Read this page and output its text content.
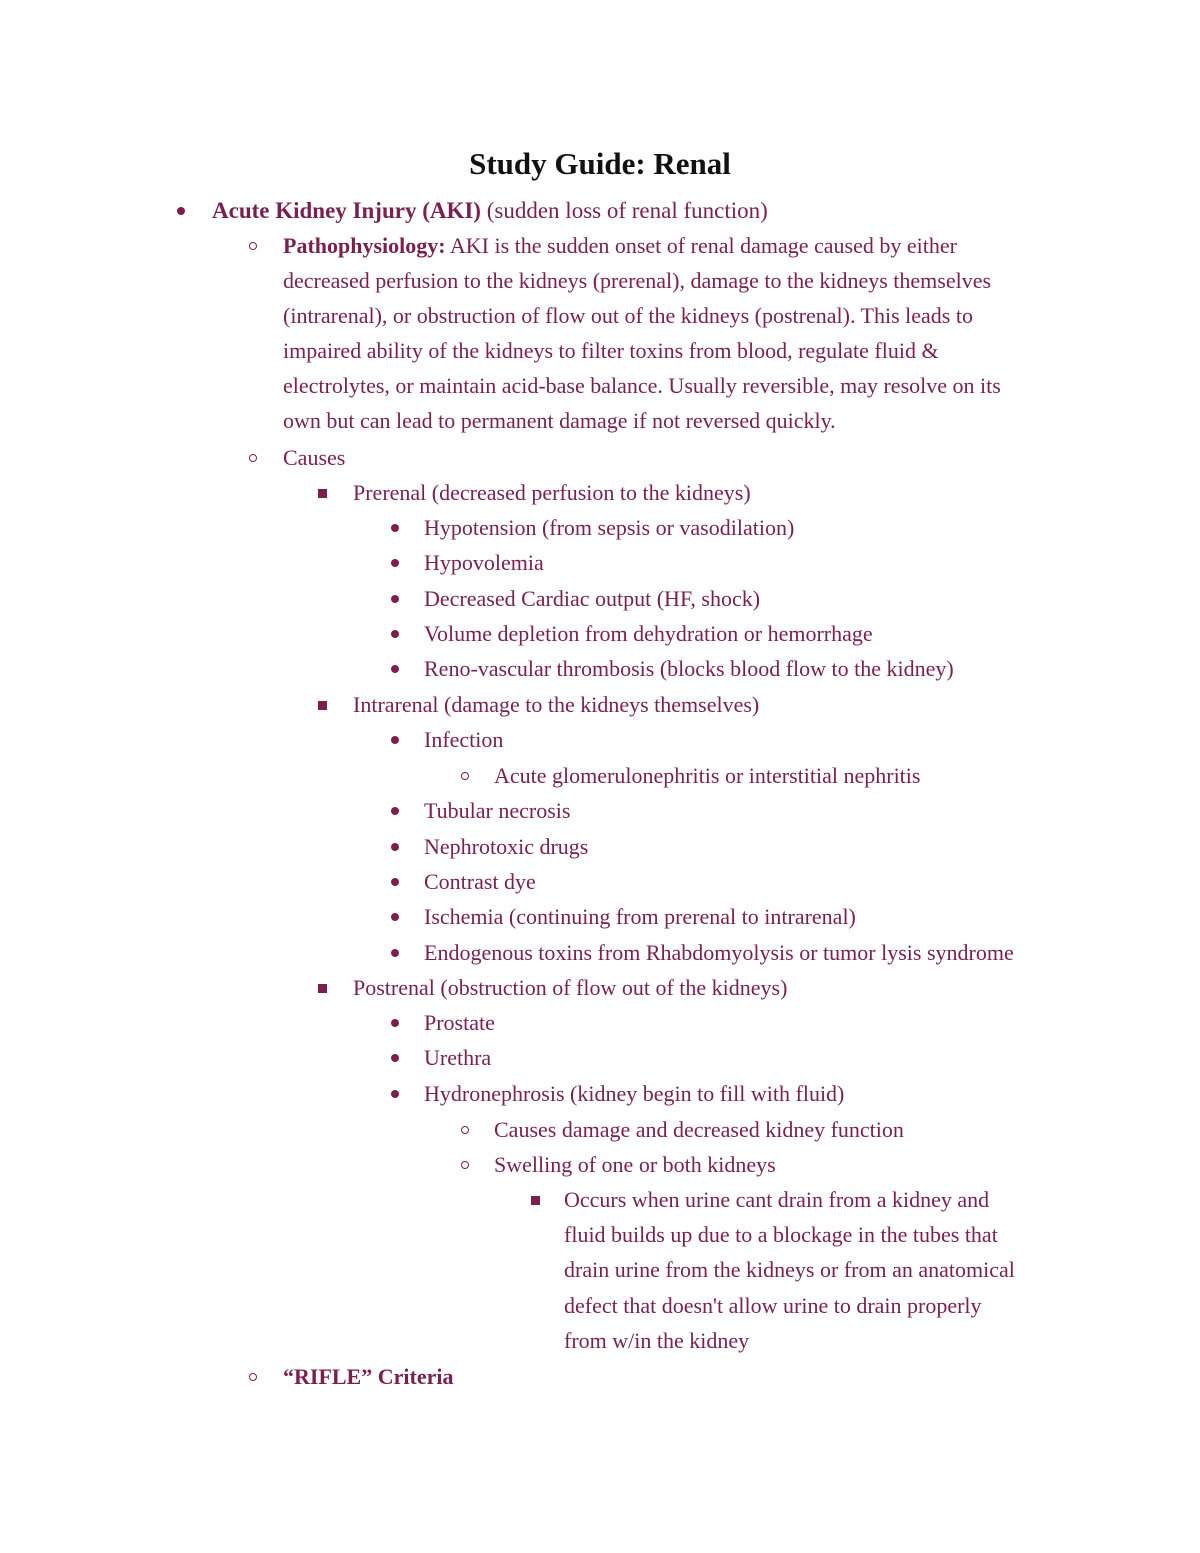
Study Guide: Renal
Acute Kidney Injury (AKI) (sudden loss of renal function)
Pathophysiology: AKI is the sudden onset of renal damage caused by either
decreased perfusion to the kidneys (prerenal), damage to the kidneys themselves
(intrarenal), or obstruction of flow out of the kidneys (postrenal). This leads to
impaired ability of the kidneys to filter toxins from blood, regulate fluid &
electrolytes, or maintain acid-base balance. Usually reversible, may resolve on its
own but can lead to permanent damage if not reversed quickly.
Causes
Prerenal (decreased perfusion to the kidneys)
Hypotension (from sepsis or vasodilation)
Hypovolemia
Decreased Cardiac output (HF, shock)
Volume depletion from dehydration or hemorrhage
Reno-vascular thrombosis (blocks blood flow to the kidney)
Intrarenal (damage to the kidneys themselves)
Infection
Acute glomerulonephritis or interstitial nephritis
Tubular necrosis
Nephrotoxic drugs
Contrast dye
Ischemia (continuing from prerenal to intrarenal)
Endogenous toxins from Rhabdomyolysis or tumor lysis syndrome
Postrenal (obstruction of flow out of the kidneys)
Prostate
Urethra
Hydronephrosis (kidney begin to fill with fluid)
Causes damage and decreased kidney function
Swelling of one or both kidneys
Occurs when urine cant drain from a kidney and
fluid builds up due to a blockage in the tubes that
drain urine from the kidneys or from an anatomical
defect that doesn't allow urine to drain properly
from w/in the kidney
“RIFLE” Criteria
